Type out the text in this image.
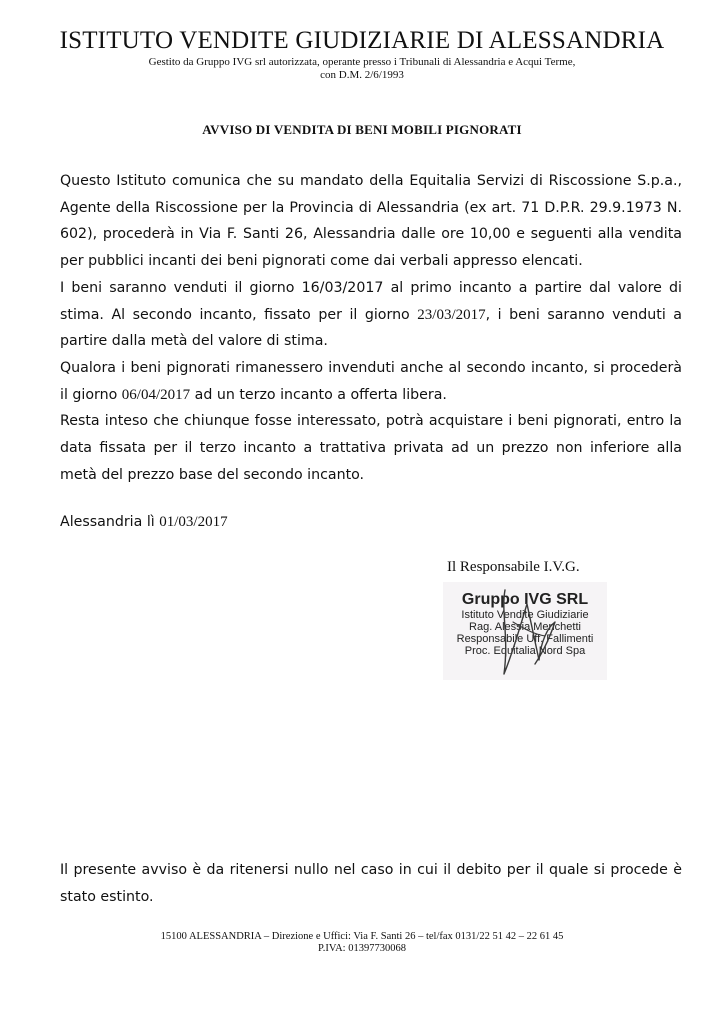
ISTITUTO VENDITE GIUDIZIARIE DI ALESSANDRIA
Gestito da Gruppo IVG srl autorizzata, operante presso i Tribunali di Alessandria e Acqui Terme,
con D.M. 2/6/1993
AVVISO DI VENDITA DI BENI MOBILI PIGNORATI

Questo Istituto comunica che su mandato della Equitalia Servizi di Riscossione S.p.a., Agente della Riscossione per la Provincia di Alessandria (ex art. 71 D.P.R. 29.9.1973 N. 602), procederà in Via F. Santi 26, Alessandria dalle ore 10,00 e seguenti alla vendita per pubblici incanti dei beni pignorati come dai verbali appresso elencati.

I beni saranno venduti il giorno 16/03/2017 al primo incanto a partire dal valore di stima. Al secondo incanto, fissato per il giorno 23/03/2017, i beni saranno venduti a partire dalla metà del valore di stima.

Qualora i beni pignorati rimanessero invenduti anche al secondo incanto, si procederà il giorno 06/04/2017 ad un terzo incanto a offerta libera.

Resta inteso che chiunque fosse interessato, potrà acquistare i beni pignorati, entro la data fissata per il terzo incanto a trattativa privata ad un prezzo non inferiore alla metà del prezzo base del secondo incanto.

Alessandria lì 01/03/2017
Il Responsabile I.V.G.
Gruppo IVG SRL
Istituto Vendite Giudiziarie
Rag. Alessia Menchetti
Responsabile Uff. Fallimenti
Proc. Equitalia Nord Spa
Il presente avviso è da ritenersi nullo nel caso in cui il debito per il quale si procede è stato estinto.
15100 ALESSANDRIA – Direzione e Uffici: Via F. Santi 26 – tel/fax 0131/22 51 42 – 22 61 45
P.IVA: 01397730068
